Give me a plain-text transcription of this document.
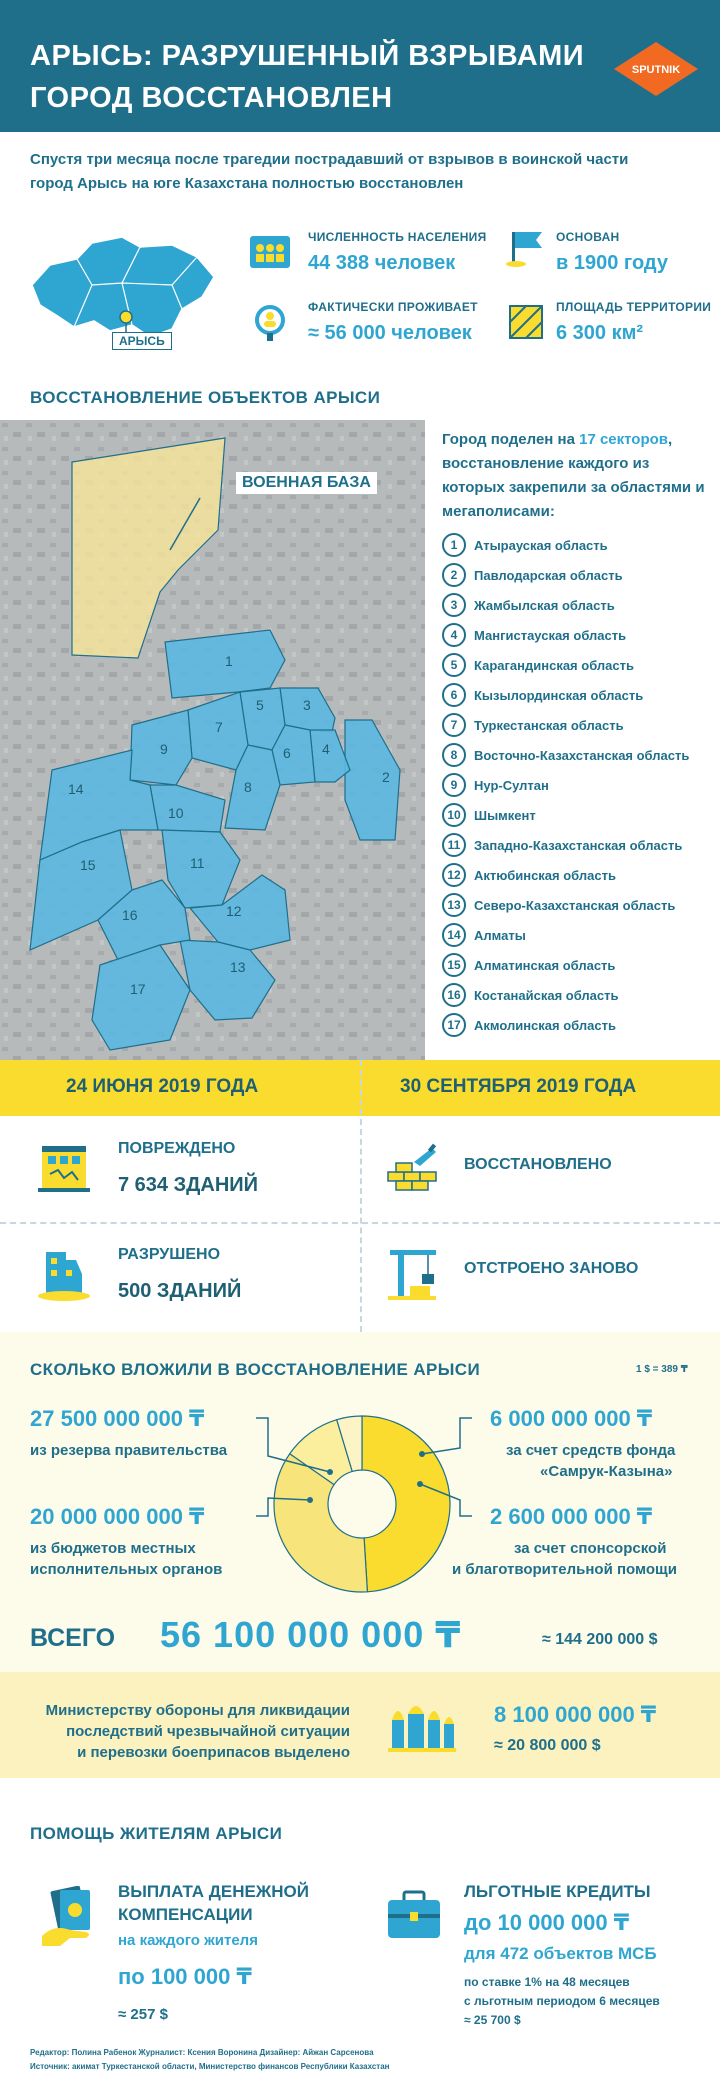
АРЫСЬ: РАЗРУШЕННЫЙ ВЗРЫВАМИ
ГОРОД ВОССТАНОВЛЕН
SPUTNIK
Спустя три месяца после трагедии пострадавший от взрывов в воинской части город Арысь на юге Казахстана полностью восстановлен
АРЫСЬ
ЧИСЛЕННОСТЬ НАСЕЛЕНИЯ
44 388 человек
ОСНОВАН
в 1900 году
ФАКТИЧЕСКИ ПРОЖИВАЕТ
≈ 56 000 человек
ПЛОЩАДЬ ТЕРРИТОРИИ
6 300 км²
ВОССТАНОВЛЕНИЕ ОБЪЕКТОВ АРЫСИ
1
2
3
4
5
6
7
8
9
10
11
12
13
14
15
16
17
ВОЕННАЯ БАЗА
Город поделен на 17 секторов, восстановление каждого из которых закрепили за областями и мегаполисами:
1	Атырауская область
2	Павлодарская область
3	Жамбылская область
4	Мангистауская область
5	Карагандинская область
6	Кызылординская область
7	Туркестанская область
8	Восточно-Казахстанская область
9	Нур-Султан
10	Шымкент
11	Западно-Казахстанская область
12	Актюбинская область
13	Северо-Казахстанская область
14	Алматы
15	Алматинская область
16	Костанайская область
17	Акмолинская область
24 ИЮНЯ 2019 ГОДА	30 СЕНТЯБРЯ 2019 ГОДА
ПОВРЕЖДЕНО
7 634 ЗДАНИЙ
РАЗРУШЕНО
500 ЗДАНИЙ
ВОССТАНОВЛЕНО
ОТСТРОЕНО ЗАНОВО
СКОЛЬКО ВЛОЖИЛИ В ВОССТАНОВЛЕНИЕ АРЫСИ	1 $ = 389 ₸
27 500 000 000 ₸
из резерва правительства
20 000 000 000 ₸
из бюджетов местных
исполнительных органов
6 000 000 000 ₸
за счет средств фонда
«Самрук-Казына»
2 600 000 000 ₸
за счет спонсорской
и благотворительной помощи
ВСЕГО 56 100 000 000 ₸	≈ 144 200 000 $
Министерству обороны для ликвидации
последствий чрезвычайной ситуации
и перевозки боеприпасов выделено
8 100 000 000 ₸
≈ 20 800 000 $
ПОМОЩЬ ЖИТЕЛЯМ АРЫСИ
ВЫПЛАТА ДЕНЕЖНОЙ
КОМПЕНСАЦИИ
на каждого жителя
по 100 000 ₸
≈ 257 $
ЛЬГОТНЫЕ КРЕДИТЫ
до 10 000 000 ₸
для 472 объектов МСБ
по ставке 1% на 48 месяцев
с льготным периодом 6 месяцев
≈ 25 700 $
Редактор: Полина Рабенок Журналист: Ксения Воронина Дизайнер: Айжан Сарсенова
Источник: акимат Туркестанской области, Министерство финансов Республики Казахстан
